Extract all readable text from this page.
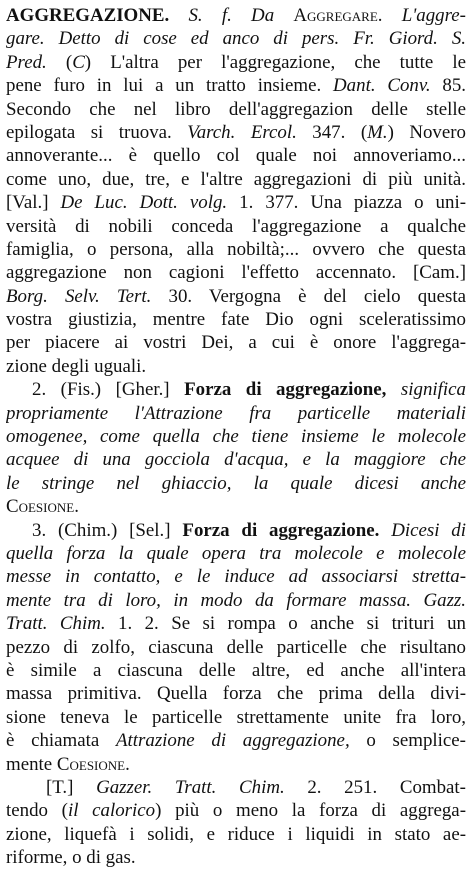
AGGREGAZIONE. S. f. Da Aggregare. L'aggre-
gare. Detto di cose ed anco di pers. Fr. Giord. S.
Pred. (C) L'altra per l'aggregazione, che tutte le
pene furo in lui a un tratto insieme. Dant. Conv. 85.
Secondo che nel libro dell'aggregazion delle stelle
epilogata si truova. Varch. Ercol. 347. (M.) Novero
annoverante... è quello col quale noi annoveriamo...
come uno, due, tre, e l'altre aggregazioni di più unità.
[Val.] De Luc. Dott. volg. 1. 377. Una piazza o uni-
versità di nobili conceda l'aggregazione a qualche
famiglia, o persona, alla nobiltà;... ovvero che questa
aggregazione non cagioni l'effetto accennato. [Cam.]
Borg. Selv. Tert. 30. Vergogna è del cielo questa
vostra giustizia, mentre fate Dio ogni sceleratissimo
per piacere ai vostri Dei, a cui è onore l'aggrega-
zione degli uguali.
2. (Fis.) [Gher.] Forza di aggregazione, significa
propriamente l'Attrazione fra particelle materiali
omogenee, come quella che tiene insieme le molecole
acquee di una gocciola d'acqua, e la maggiore che
le stringe nel ghiaccio, la quale dicesi anche
Coesione.
3. (Chim.) [Sel.] Forza di aggregazione. Dicesi di
quella forza la quale opera tra molecole e molecole
messe in contatto, e le induce ad associarsi stretta-
mente tra di loro, in modo da formare massa. Gazz.
Tratt. Chim. 1. 2. Se si rompa o anche si trituri un
pezzo di zolfo, ciascuna delle particelle che risultano
è simile a ciascuna delle altre, ed anche all'intera
massa primitiva. Quella forza che prima della divi-
sione teneva le particelle strettamente unite fra loro,
è chiamata Attrazione di aggregazione, o semplice-
mente Coesione.
[T.] Gazzer. Tratt. Chim. 2. 251. Combat-
tendo (il calorico) più o meno la forza di aggrega-
zione, liquefà i solidi, e riduce i liquidi in stato ae-
riforme, o di gas.
